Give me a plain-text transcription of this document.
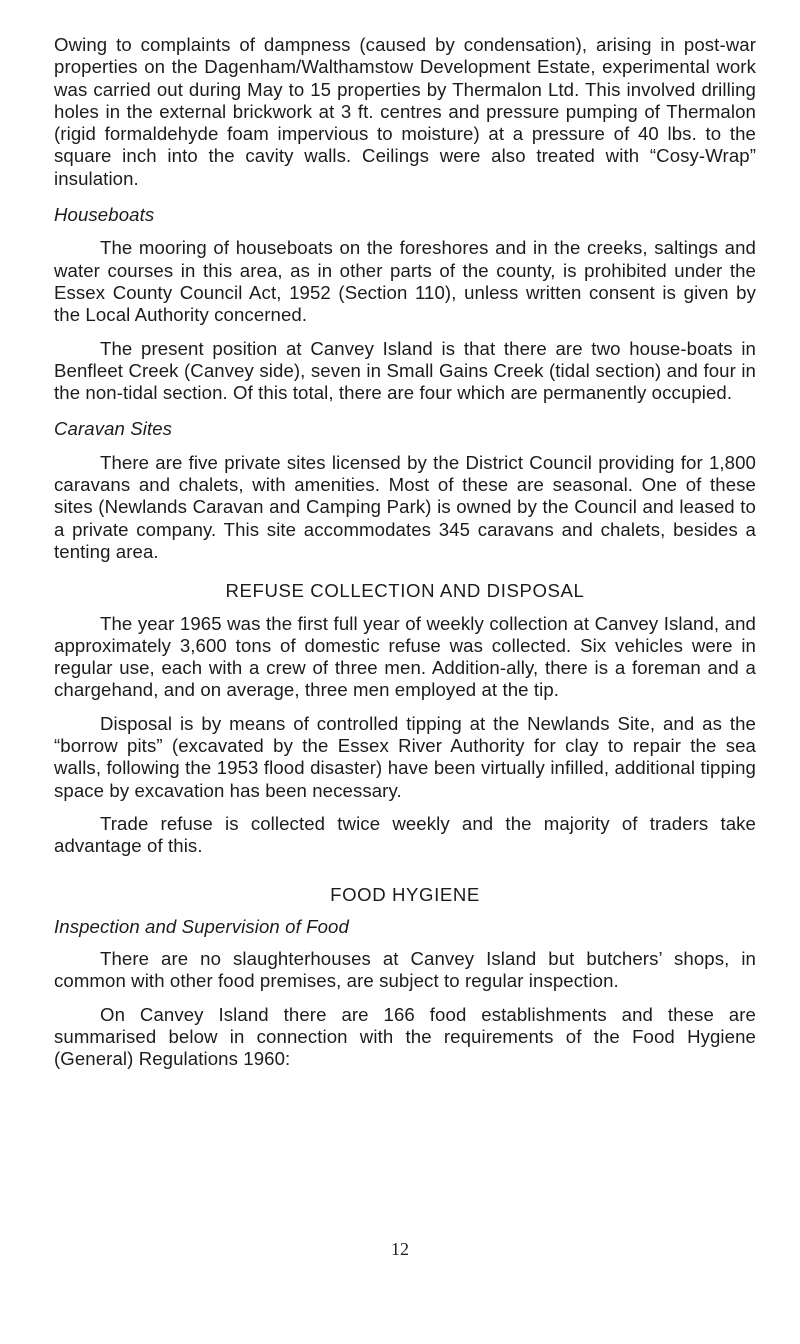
Owing to complaints of dampness (caused by condensation), arising in post-war properties on the Dagenham/Walthamstow Development Estate, experimental work was carried out during May to 15 properties by Thermalon Ltd. This involved drilling holes in the external brickwork at 3 ft. centres and pressure pumping of Thermalon (rigid formaldehyde foam impervious to moisture) at a pressure of 40 lbs. to the square inch into the cavity walls. Ceilings were also treated with “Cosy-Wrap” insulation.

Houseboats

The mooring of houseboats on the foreshores and in the creeks, saltings and water courses in this area, as in other parts of the county, is prohibited under the Essex County Council Act, 1952 (Section 110), unless written consent is given by the Local Authority concerned.

The present position at Canvey Island is that there are two house-boats in Benfleet Creek (Canvey side), seven in Small Gains Creek (tidal section) and four in the non-tidal section. Of this total, there are four which are permanently occupied.

Caravan Sites

There are five private sites licensed by the District Council providing for 1,800 caravans and chalets, with amenities. Most of these are seasonal. One of these sites (Newlands Caravan and Camping Park) is owned by the Council and leased to a private company. This site accommodates 345 caravans and chalets, besides a tenting area.

REFUSE COLLECTION AND DISPOSAL

The year 1965 was the first full year of weekly collection at Canvey Island, and approximately 3,600 tons of domestic refuse was collected. Six vehicles were in regular use, each with a crew of three men. Addition-ally, there is a foreman and a chargehand, and on average, three men employed at the tip.

Disposal is by means of controlled tipping at the Newlands Site, and as the “borrow pits” (excavated by the Essex River Authority for clay to repair the sea walls, following the 1953 flood disaster) have been virtually infilled, additional tipping space by excavation has been necessary.

Trade refuse is collected twice weekly and the majority of traders take advantage of this.

FOOD HYGIENE

Inspection and Supervision of Food

There are no slaughterhouses at Canvey Island but butchers’ shops, in common with other food premises, are subject to regular inspection.

On Canvey Island there are 166 food establishments and these are summarised below in connection with the requirements of the Food Hygiene (General) Regulations 1960:

12
